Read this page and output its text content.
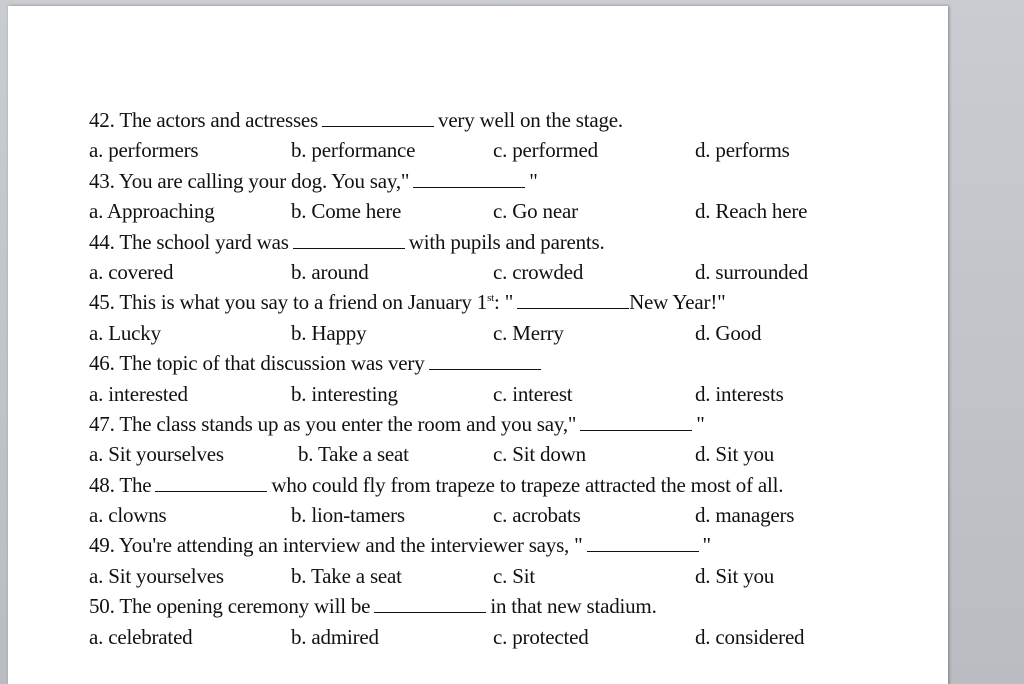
42. The actors and actresses	very well on the stage.
a. performers	b. performance	c. performed	d. performs
43. You are calling your dog. You say,"	"
a. Approaching	b. Come here	c. Go near	d. Reach here
44. The school yard was	with pupils and parents.
a. covered	b. around	c. crowded	d. surrounded
45. This is what you say to a friend on January 1st: "	New Year!"
a. Lucky	b. Happy	c. Merry	d. Good
46. The topic of that discussion was very
a. interested	b. interesting	c. interest	d. interests
47. The class stands up as you enter the room and you say,"	"
a. Sit yourselves	b. Take a seat	c. Sit down	d. Sit you
48. The	who could fly from trapeze to trapeze attracted the most of all.
a. clowns	b. lion-tamers	c. acrobats	d. managers
49. You're attending an interview and the interviewer says, "	"
a. Sit yourselves	b. Take a seat	c. Sit	d. Sit you
50. The opening ceremony will be	in that new stadium.
a. celebrated	b. admired	c. protected	d. considered
